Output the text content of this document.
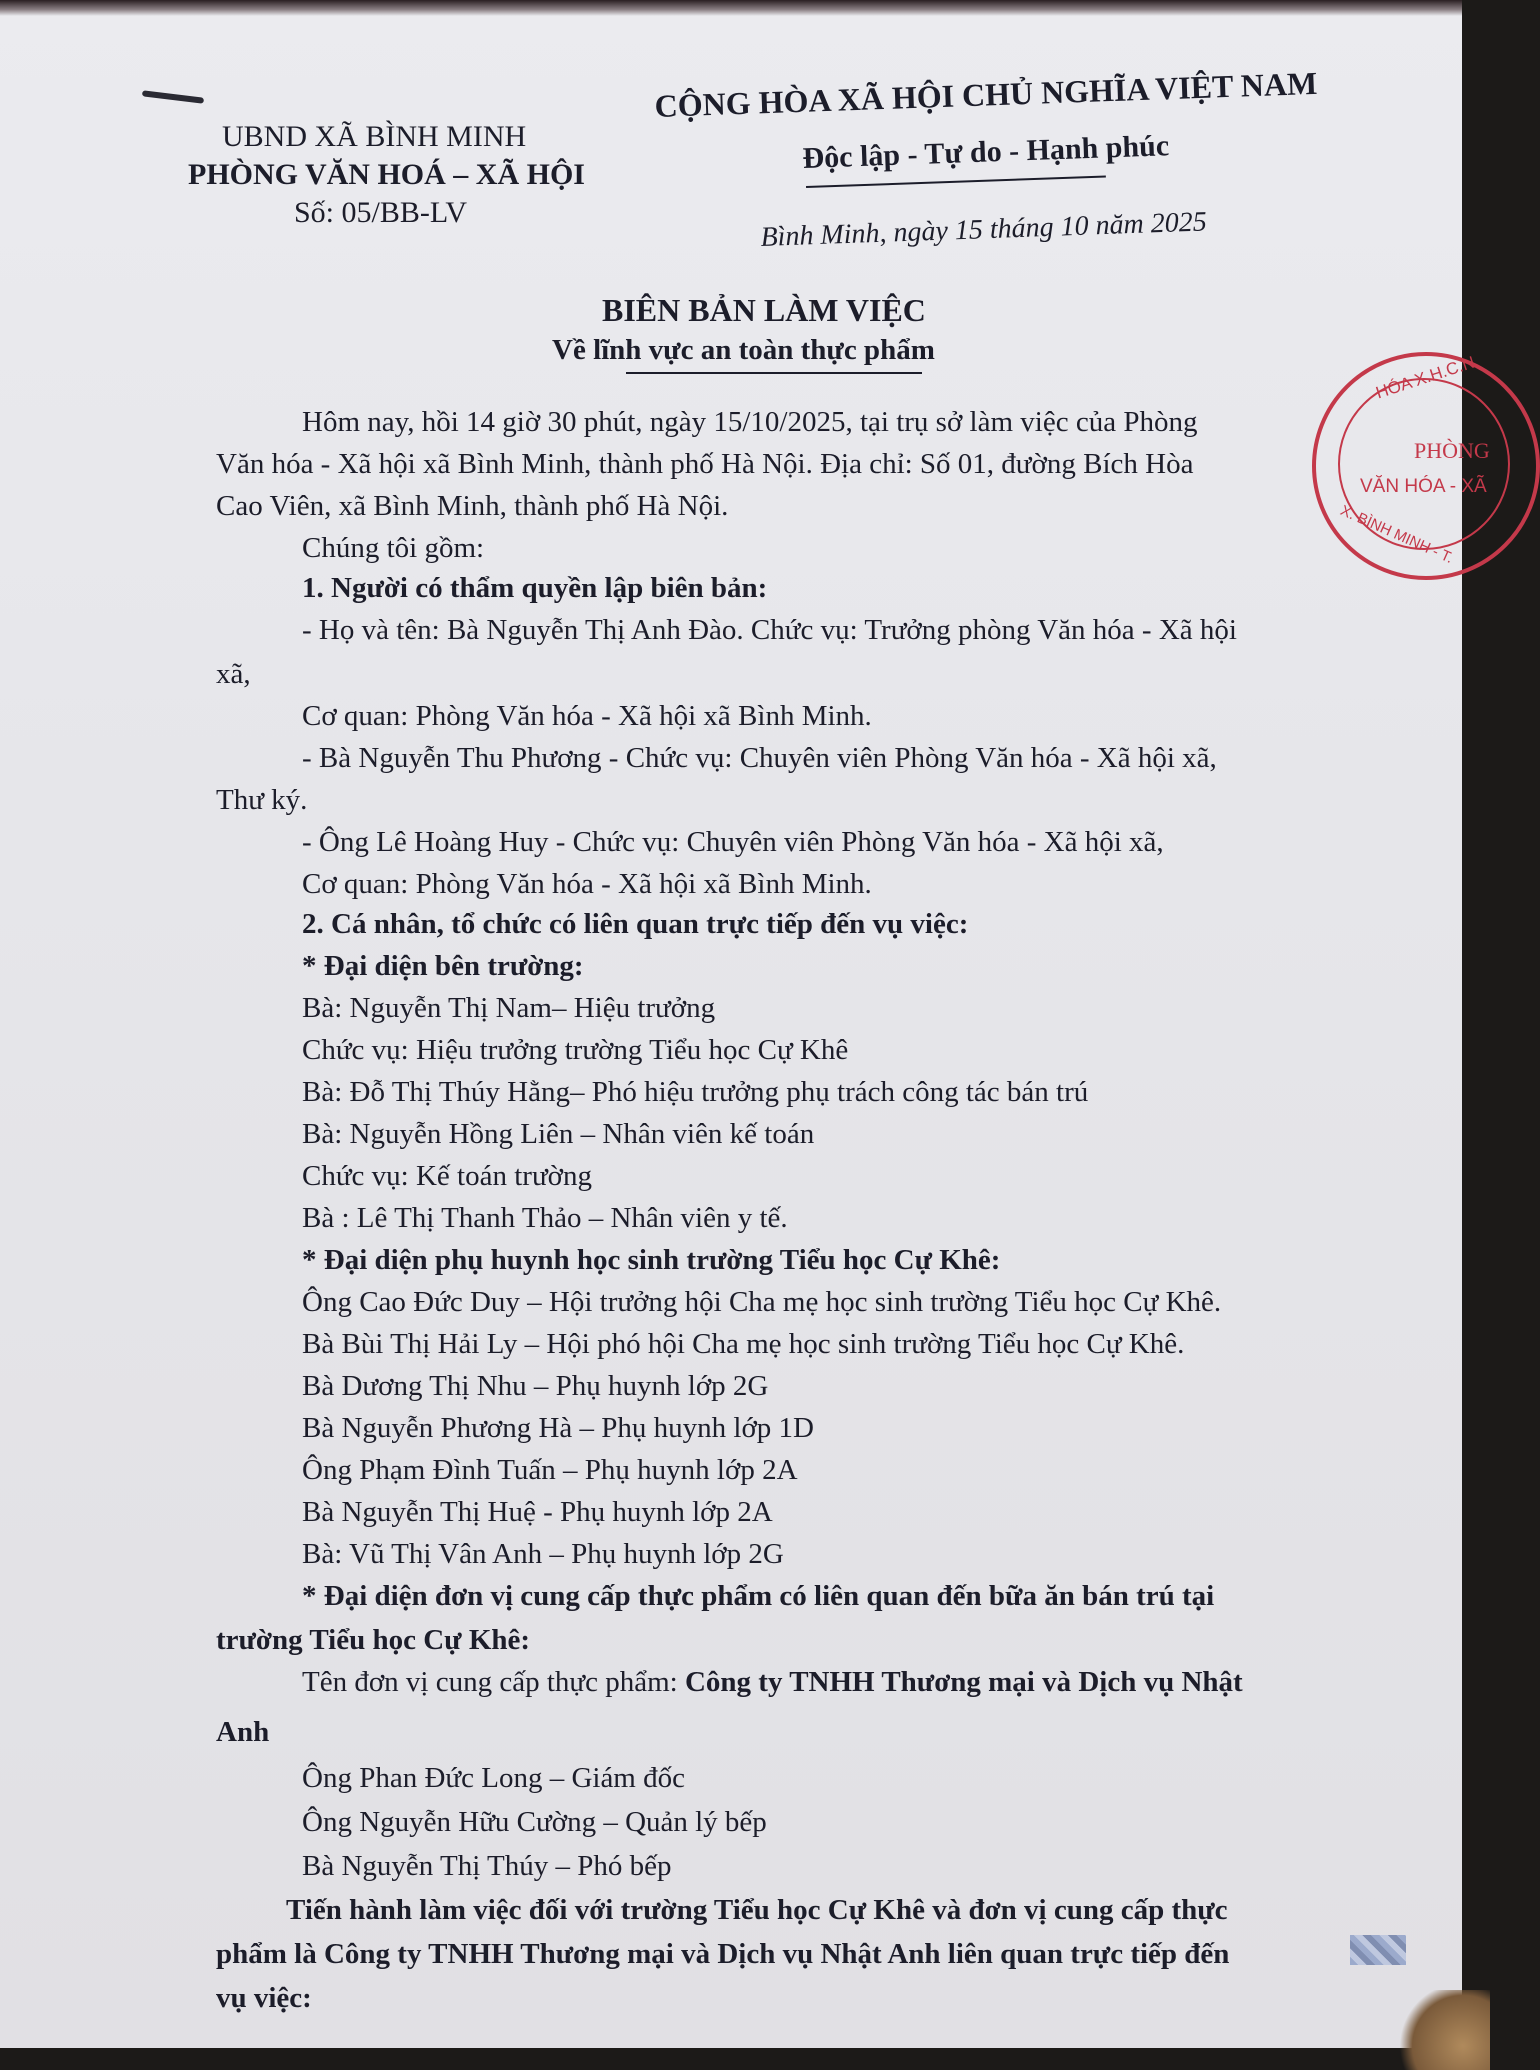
UBND XÃ BÌNH MINH
PHÒNG VĂN HOÁ – XÃ HỘI
Số: 05/BB-LV
CỘNG HÒA XÃ HỘI CHỦ NGHĨA VIỆT NAM
Độc lập - Tự do - Hạnh phúc
Bình Minh, ngày 15 tháng 10 năm 2025
BIÊN BẢN LÀM VIỆC
Về lĩnh vực an toàn thực phẩm
Hôm nay, hồi 14 giờ 30 phút, ngày 15/10/2025, tại trụ sở làm việc của Phòng
Văn hóa - Xã hội xã Bình Minh, thành phố Hà Nội. Địa chỉ: Số 01, đường Bích Hòa
Cao Viên, xã Bình Minh, thành phố Hà Nội.
Chúng tôi gồm:
1. Người có thẩm quyền lập biên bản:
- Họ và tên: Bà Nguyễn Thị Anh Đào. Chức vụ: Trưởng phòng Văn hóa - Xã hội
xã,
Cơ quan: Phòng Văn hóa - Xã hội xã Bình Minh.
- Bà Nguyễn Thu Phương - Chức vụ: Chuyên viên Phòng Văn hóa - Xã hội xã,
Thư ký.
- Ông Lê Hoàng Huy - Chức vụ: Chuyên viên Phòng Văn hóa - Xã hội xã,
Cơ quan: Phòng Văn hóa - Xã hội xã Bình Minh.
2. Cá nhân, tổ chức có liên quan trực tiếp đến vụ việc:
* Đại diện bên trường:
Bà: Nguyễn Thị Nam– Hiệu trưởng
Chức vụ: Hiệu trưởng trường Tiểu học Cự Khê
Bà: Đỗ Thị Thúy Hằng– Phó hiệu trưởng phụ trách công tác bán trú
Bà: Nguyễn Hồng Liên – Nhân viên kế toán
Chức vụ: Kế toán trường
Bà : Lê Thị Thanh Thảo – Nhân viên y tế.
* Đại diện phụ huynh học sinh trường Tiểu học Cự Khê:
Ông Cao Đức Duy – Hội trưởng hội Cha mẹ học sinh trường Tiểu học Cự Khê.
Bà Bùi Thị Hải Ly – Hội phó hội Cha mẹ học sinh trường Tiểu học Cự Khê.
Bà Dương Thị Nhu – Phụ huynh lớp 2G
Bà Nguyễn Phương Hà – Phụ huynh lớp 1D
Ông Phạm Đình Tuấn – Phụ huynh lớp 2A
Bà Nguyễn Thị Huệ - Phụ huynh lớp 2A
Bà: Vũ Thị Vân Anh – Phụ huynh lớp 2G
* Đại diện đơn vị cung cấp thực phẩm có liên quan đến bữa ăn bán trú tại
trường Tiểu học Cự Khê:
Tên đơn vị cung cấp thực phẩm: Công ty TNHH Thương mại và Dịch vụ Nhật
Anh
Ông Phan Đức Long – Giám đốc
Ông Nguyễn Hữu Cường – Quản lý bếp
Bà Nguyễn Thị Thúy – Phó bếp
Tiến hành làm việc đối với trường Tiểu học Cự Khê và đơn vị cung cấp thực
phẩm là Công ty TNHH Thương mại và Dịch vụ Nhật Anh liên quan trực tiếp đến
vụ việc:
HÓA X.H.C.N
PHÒNG
VĂN HÓA - XÃ
X. BÌNH MINH - T.
